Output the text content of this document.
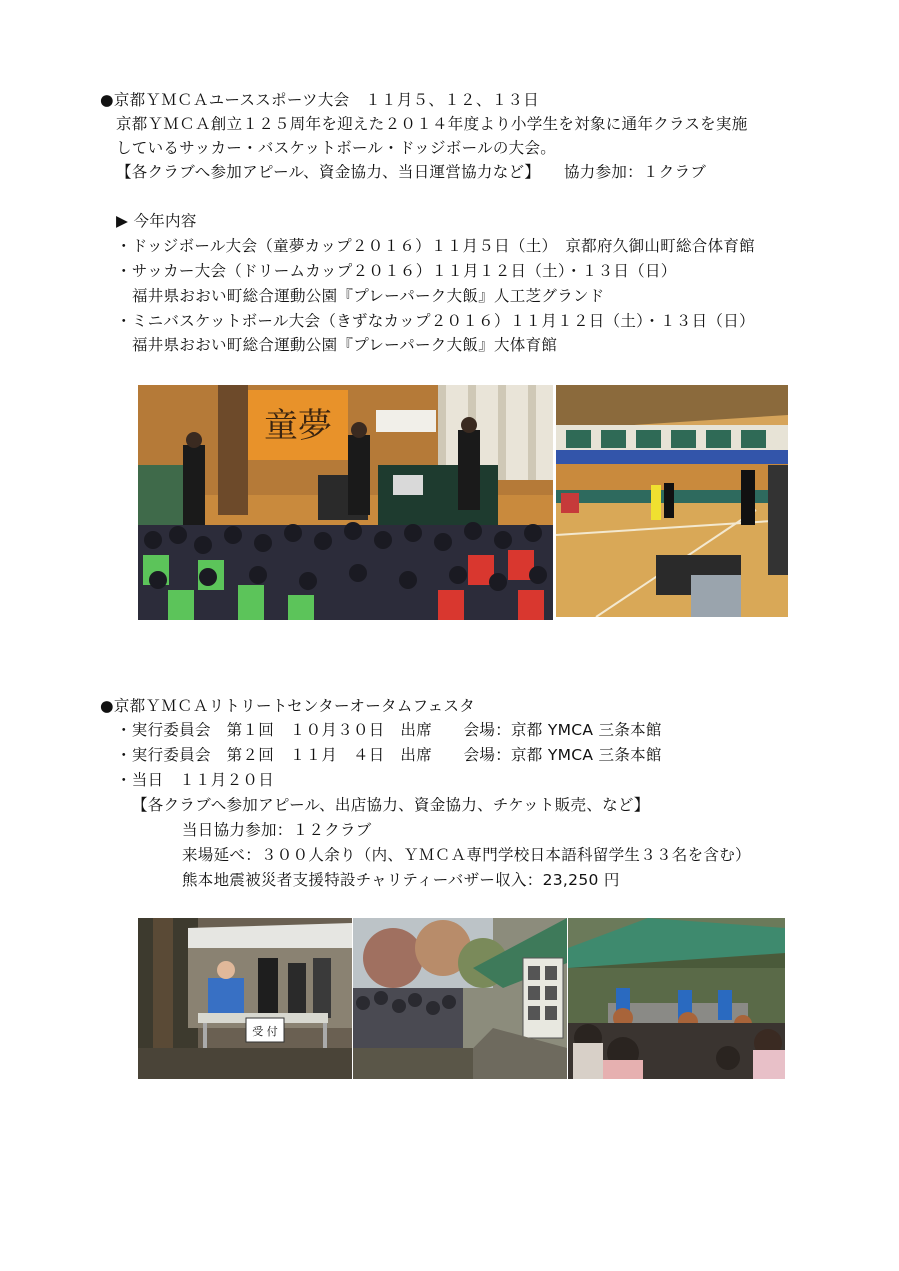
●京都ＹＭＣＡユーススポーツ大会　１１月５、１２、１３日
京都ＹＭＣＡ創立１２５周年を迎えた２０１４年度より小学生を対象に通年クラスを実施
しているサッカー・バスケットボール・ドッジボールの大会。
【各クラブへ参加アピール、資金協力、当日運営協力など】　　協力参加：１クラブ
▶ 今年内容
・ドッジボール大会（童夢カップ２０１６）１１月５日（土）　京都府久御山町総合体育館
・サッカー大会（ドリームカップ２０１６）１１月１２日（土）・１３日（日）
福井県おおい町総合運動公園『プレーパーク大飯』人工芝グランド
・ミニバスケットボール大会（きずなカップ２０１６）１１月１２日（土）・１３日（日）
福井県おおい町総合運動公園『プレーパーク大飯』大体育館
童夢
●京都ＹＭＣＡリトリートセンターオータムフェスタ
・実行委員会　第１回　１０月３０日　出席　　会場：京都 YMCA 三条本館
・実行委員会　第２回　１１月　４日　出席　　会場：京都 YMCA 三条本館
・当日　１１月２０日
【各クラブへ参加アピール、出店協力、資金協力、チケット販売、など】
当日協力参加：１２クラブ
来場延べ：３００人余り（内、ＹＭＣＡ専門学校日本語科留学生３３名を含む）
熊本地震被災者支援特設チャリティーバザー収入：23,250 円
受 付
